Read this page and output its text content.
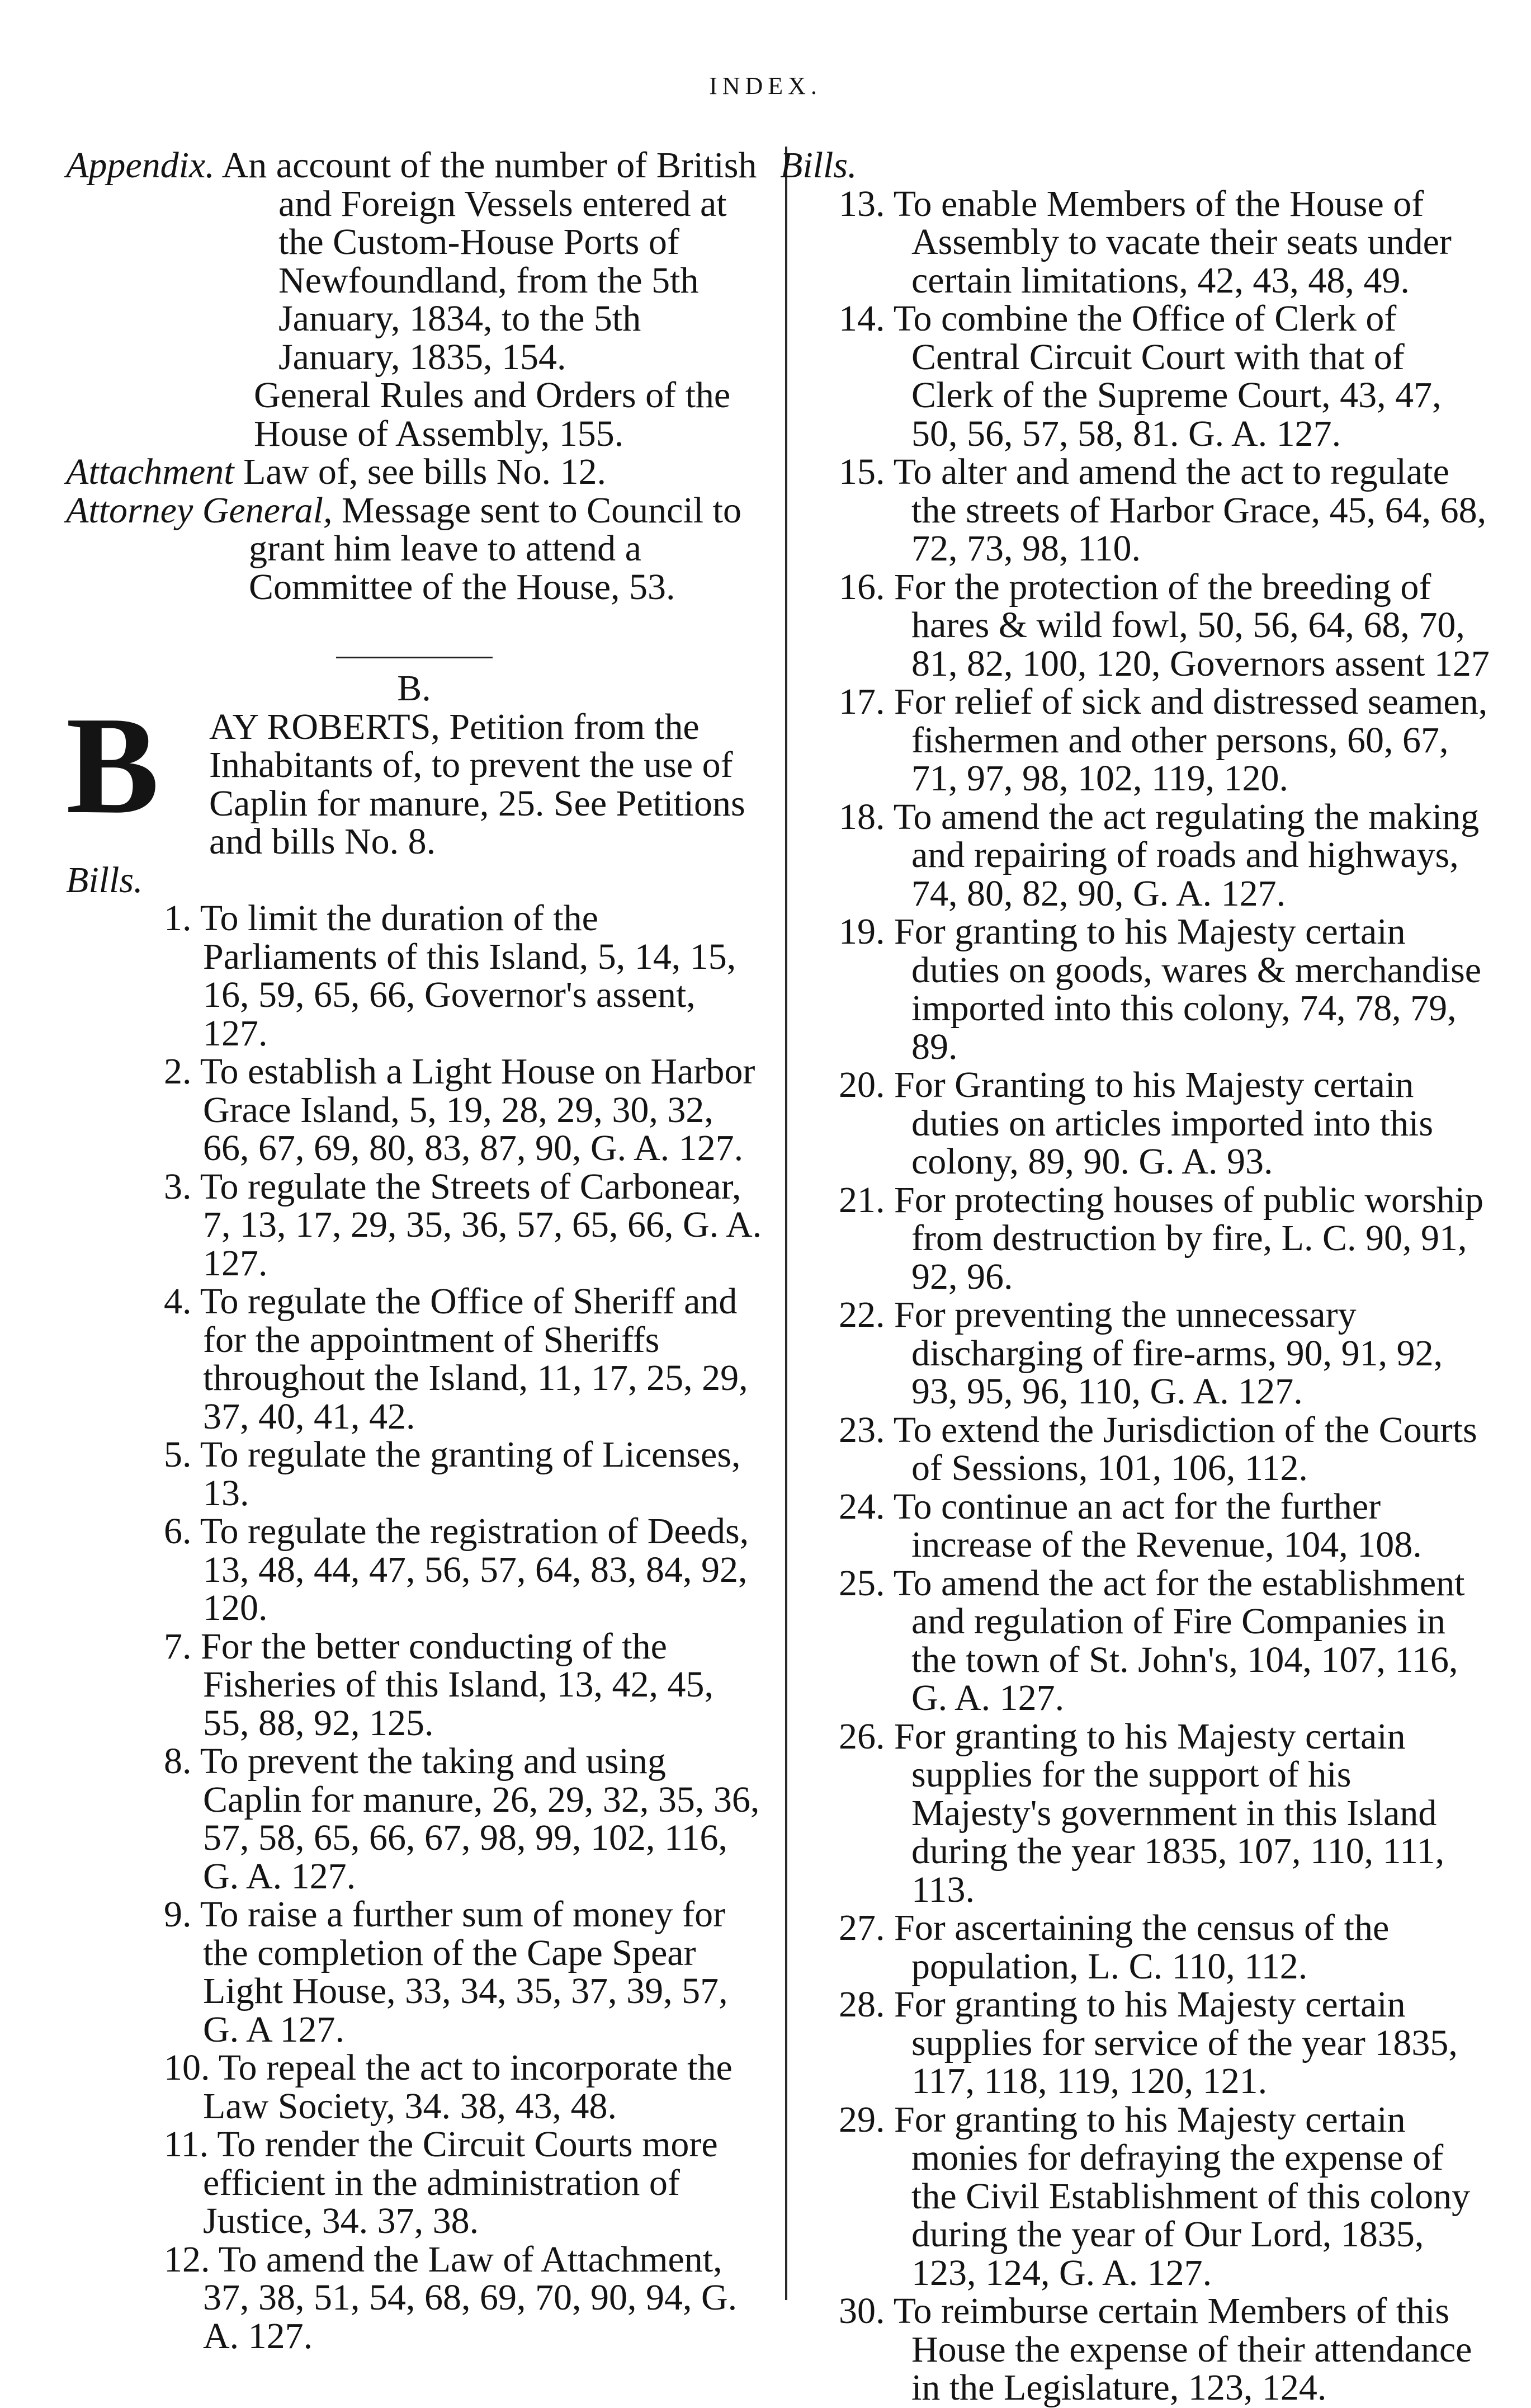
INDEX.
Appendix. An account of the number of British and Foreign Vessels entered at the Custom-House Ports of Newfoundland, from the 5th January, 1834, to the 5th January, 1835, 154.
General Rules and Orders of the House of Assembly, 155.
Attachment Law of, see bills No. 12.
Attorney General, Message sent to Council to grant him leave to attend a Committee of the House, 53.
B.
B AY ROBERTS, Petition from the Inhabitants of, to prevent the use of Caplin for manure, 25. See Petitions and bills No. 8.
Bills.
1. To limit the duration of the Parliaments of this Island, 5, 14, 15, 16, 59, 65, 66, Governor's assent, 127.
2. To establish a Light House on Harbor Grace Island, 5, 19, 28, 29, 30, 32, 66, 67, 69, 80, 83, 87, 90, G. A. 127.
3. To regulate the Streets of Carbonear, 7, 13, 17, 29, 35, 36, 57, 65, 66, G. A. 127.
4. To regulate the Office of Sheriff and for the appointment of Sheriffs throughout the Island, 11, 17, 25, 29, 37, 40, 41, 42.
5. To regulate the granting of Licenses, 13.
6. To regulate the registration of Deeds, 13, 48, 44, 47, 56, 57, 64, 83, 84, 92, 120.
7. For the better conducting of the Fisheries of this Island, 13, 42, 45, 55, 88, 92, 125.
8. To prevent the taking and using Caplin for manure, 26, 29, 32, 35, 36, 57, 58, 65, 66, 67, 98, 99, 102, 116, G. A. 127.
9. To raise a further sum of money for the completion of the Cape Spear Light House, 33, 34, 35, 37, 39, 57, G. A 127.
10. To repeal the act to incorporate the Law Society, 34. 38, 43, 48.
11. To render the Circuit Courts more efficient in the administration of Justice, 34. 37, 38.
12. To amend the Law of Attachment, 37, 38, 51, 54, 68, 69, 70, 90, 94, G. A. 127.
Bills.
13. To enable Members of the House of Assembly to vacate their seats under certain limitations, 42, 43, 48, 49.
14. To combine the Office of Clerk of Central Circuit Court with that of Clerk of the Supreme Court, 43, 47, 50, 56, 57, 58, 81. G. A. 127.
15. To alter and amend the act to regulate the streets of Harbor Grace, 45, 64, 68, 72, 73, 98, 110.
16. For the protection of the breeding of hares & wild fowl, 50, 56, 64, 68, 70, 81, 82, 100, 120, Governors assent 127
17. For relief of sick and distressed seamen, fishermen and other persons, 60, 67, 71, 97, 98, 102, 119, 120.
18. To amend the act regulating the making and repairing of roads and highways, 74, 80, 82, 90, G. A. 127.
19. For granting to his Majesty certain duties on goods, wares & merchandise imported into this colony, 74, 78, 79, 89.
20. For Granting to his Majesty certain duties on articles imported into this colony, 89, 90. G. A. 93.
21. For protecting houses of public worship from destruction by fire, L. C. 90, 91, 92, 96.
22. For preventing the unnecessary discharging of fire-arms, 90, 91, 92, 93, 95, 96, 110, G. A. 127.
23. To extend the Jurisdiction of the Courts of Sessions, 101, 106, 112.
24. To continue an act for the further increase of the Revenue, 104, 108.
25. To amend the act for the establishment and regulation of Fire Companies in the town of St. John's, 104, 107, 116, G. A. 127.
26. For granting to his Majesty certain supplies for the support of his Majesty's government in this Island during the year 1835, 107, 110, 111, 113.
27. For ascertaining the census of the population, L. C. 110, 112.
28. For granting to his Majesty certain supplies for service of the year 1835, 117, 118, 119, 120, 121.
29. For granting to his Majesty certain monies for defraying the expense of the Civil Establishment of this colony during the year of Our Lord, 1835, 123, 124, G. A. 127.
30. To reimburse certain Members of this House the expense of their attendance in the Legislature, 123, 124.
